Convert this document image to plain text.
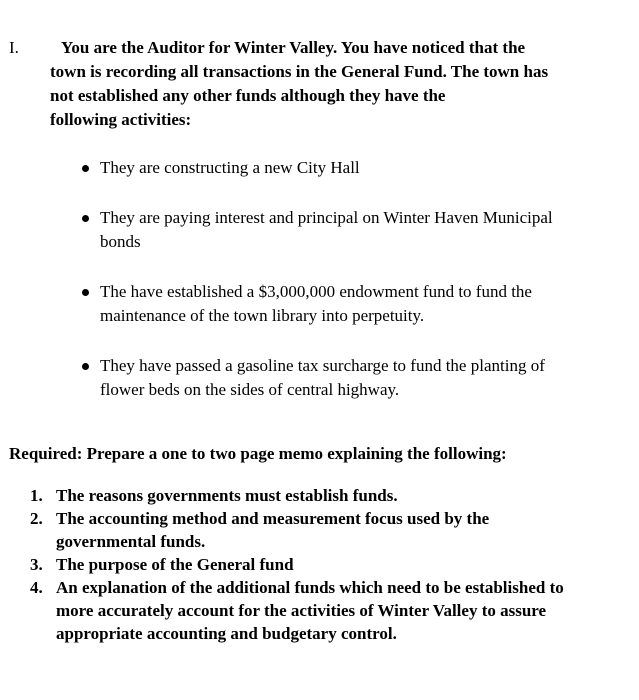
I.	You are the Auditor for Winter Valley. You have noticed that the
town is recording all transactions in the General Fund. The town has
not established any other funds although they have the
following activities:
They are constructing a new City Hall
They are paying interest and principal on Winter Haven Municipal
bonds
The have established a $3,000,000 endowment fund to fund the
maintenance of the town library into perpetuity.
They have passed a gasoline tax surcharge to fund the planting of
flower beds on the sides of central highway.
Required: Prepare a one to two page memo explaining the following:
1. The reasons governments must establish funds.
2. The accounting method and measurement focus used by the
governmental funds.
3. The purpose of the General fund
4. An explanation of the additional funds which need to be established to
more accurately account for the activities of Winter Valley to assure
appropriate accounting and budgetary control.
